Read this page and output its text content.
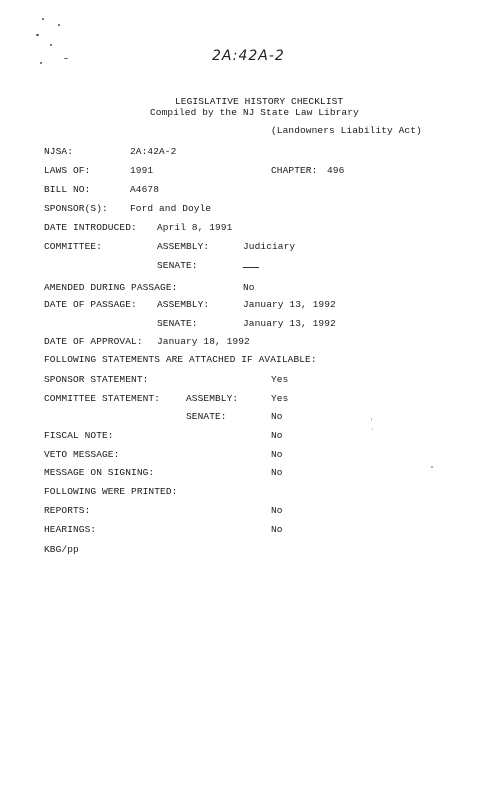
2A:42A-2
LEGISLATIVE HISTORY CHECKLIST
Compiled by the NJ State Law Library
(Landowners Liability Act)
NJSA:	2A:42A-2
LAWS OF:	1991	CHAPTER: 496
BILL NO:	A4678
SPONSOR(S): Ford and Doyle
DATE INTRODUCED: April 8, 1991
COMMITTEE:	ASSEMBLY:	Judiciary
SENATE:
AMENDED DURING PASSAGE:	No
DATE OF PASSAGE: ASSEMBLY:	January 13, 1992
SENATE:	January 13, 1992
DATE OF APPROVAL: January 18, 1992
FOLLOWING STATEMENTS ARE ATTACHED IF AVAILABLE:
SPONSOR STATEMENT:	Yes
COMMITTEE STATEMENT:	ASSEMBLY:	Yes
SENATE:	No
FISCAL NOTE:	No
VETO MESSAGE:	No
MESSAGE ON SIGNING:	No
FOLLOWING WERE PRINTED:
REPORTS:	No
HEARINGS:	No
KBG/pp
